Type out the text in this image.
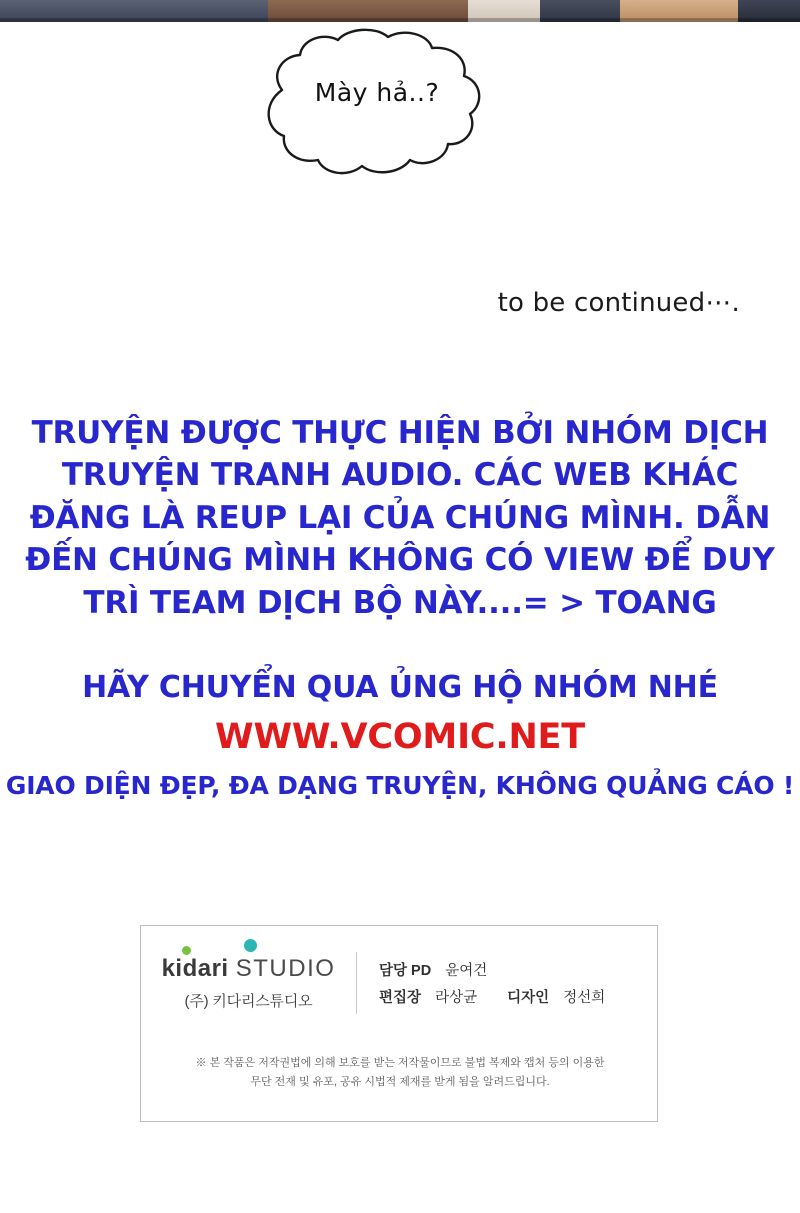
Mày hả..?
to be continued⋯.
TRUYỆN ĐƯỢC THỰC HIỆN BỞI NHÓM DỊCH TRUYỆN TRANH AUDIO. CÁC WEB KHÁC ĐĂNG LÀ REUP LẠI CỦA CHÚNG MÌNH. DẪN ĐẾN CHÚNG MÌNH KHÔNG CÓ VIEW ĐỂ DUY TRÌ TEAM DỊCH BỘ NÀY....= > TOANG
HÃY CHUYỂN QUA ỦNG HỘ NHÓM NHÉ
WWW.VCOMIC.NET
GIAO DIỆN ĐẸP, ĐA DẠNG TRUYỆN, KHÔNG QUẢNG CÁO !
kidari STUDIO
(주) 키다리스튜디오
담당 PD 윤여건
편집장 라상균 디자인 정선희
※ 본 작품은 저작권법에 의해 보호를 받는 저작물이므로 불법 복제와 캡처 등의 이용한
무단 전재 및 유포, 공유 시법적 제재를 받게 됨을 알려드립니다.
